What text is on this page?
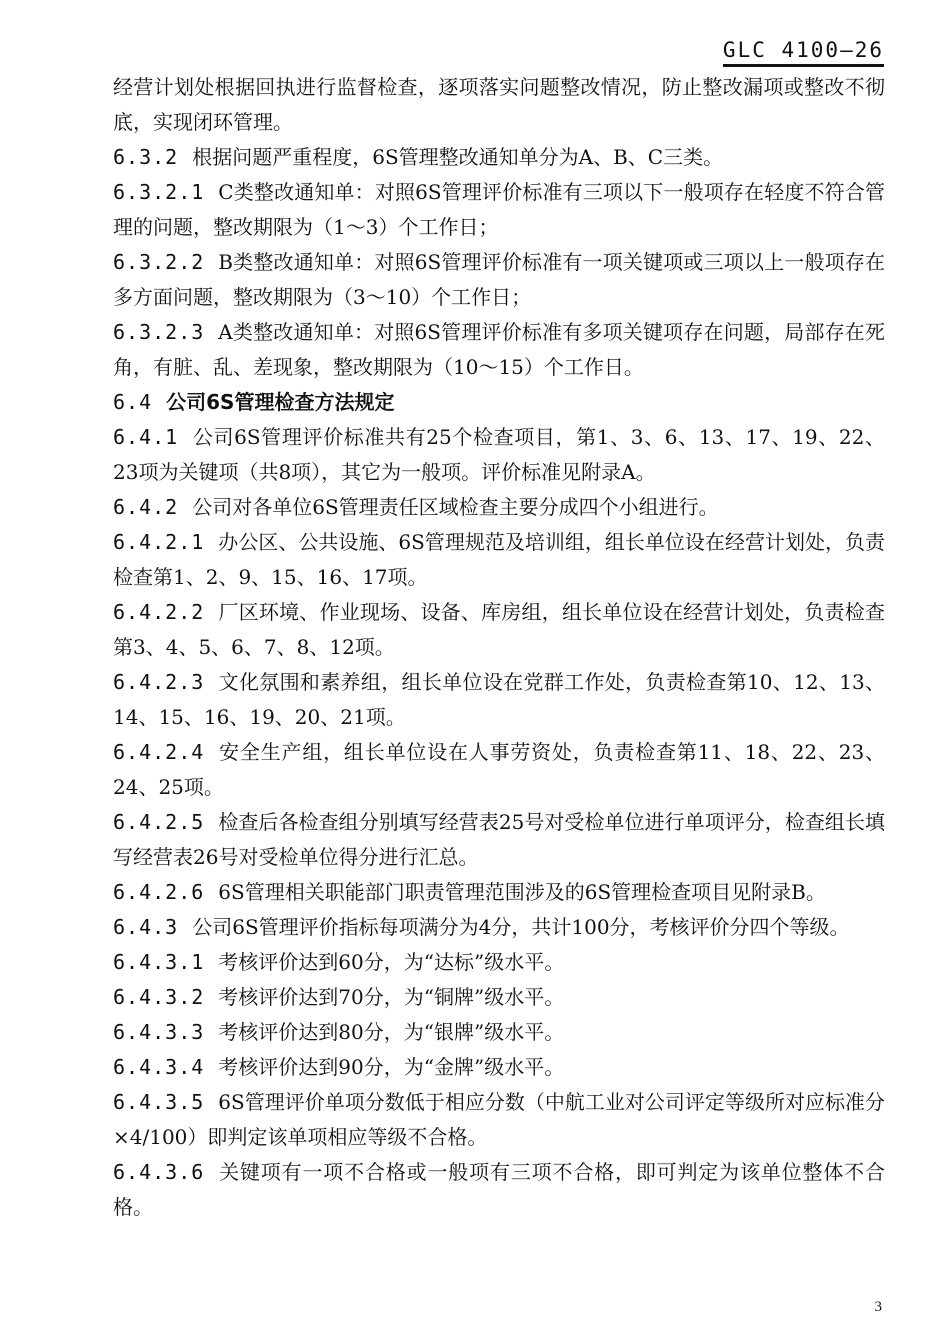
GLC 4100—26

经营计划处根据回执进行监督检查，逐项落实问题整改情况，防止整改漏项或整改不彻底，实现闭环管理。

6.3.2 根据问题严重程度，6S管理整改通知单分为A、B、C三类。

6.3.2.1 C类整改通知单：对照6S管理评价标准有三项以下一般项存在轻度不符合管理的问题，整改期限为（1～3）个工作日；

6.3.2.2 B类整改通知单：对照6S管理评价标准有一项关键项或三项以上一般项存在多方面问题，整改期限为（3～10）个工作日；

6.3.2.3 A类整改通知单：对照6S管理评价标准有多项关键项存在问题，局部存在死角，有脏、乱、差现象，整改期限为（10～15）个工作日。

6.4 公司6S管理检查方法规定

6.4.1 公司6S管理评价标准共有25个检查项目，第1、3、6、13、17、19、22、23项为关键项（共8项），其它为一般项。评价标准见附录A。

6.4.2 公司对各单位6S管理责任区域检查主要分成四个小组进行。

6.4.2.1 办公区、公共设施、6S管理规范及培训组，组长单位设在经营计划处，负责检查第1、2、9、15、16、17项。

6.4.2.2 厂区环境、作业现场、设备、库房组，组长单位设在经营计划处，负责检查第3、4、5、6、7、8、12项。

6.4.2.3 文化氛围和素养组，组长单位设在党群工作处，负责检查第10、12、13、14、15、16、19、20、21项。

6.4.2.4 安全生产组，组长单位设在人事劳资处，负责检查第11、18、22、23、24、25项。

6.4.2.5 检查后各检查组分别填写经营表25号对受检单位进行单项评分，检查组长填写经营表26号对受检单位得分进行汇总。

6.4.2.6 6S管理相关职能部门职责管理范围涉及的6S管理检查项目见附录B。

6.4.3 公司6S管理评价指标每项满分为4分，共计100分，考核评价分四个等级。

6.4.3.1 考核评价达到60分，为“达标”级水平。

6.4.3.2 考核评价达到70分，为“铜牌”级水平。

6.4.3.3 考核评价达到80分，为“银牌”级水平。

6.4.3.4 考核评价达到90分，为“金牌”级水平。

6.4.3.5 6S管理评价单项分数低于相应分数（中航工业对公司评定等级所对应标准分×4/100）即判定该单项相应等级不合格。

6.4.3.6 关键项有一项不合格或一般项有三项不合格，即可判定为该单位整体不合格。

3
